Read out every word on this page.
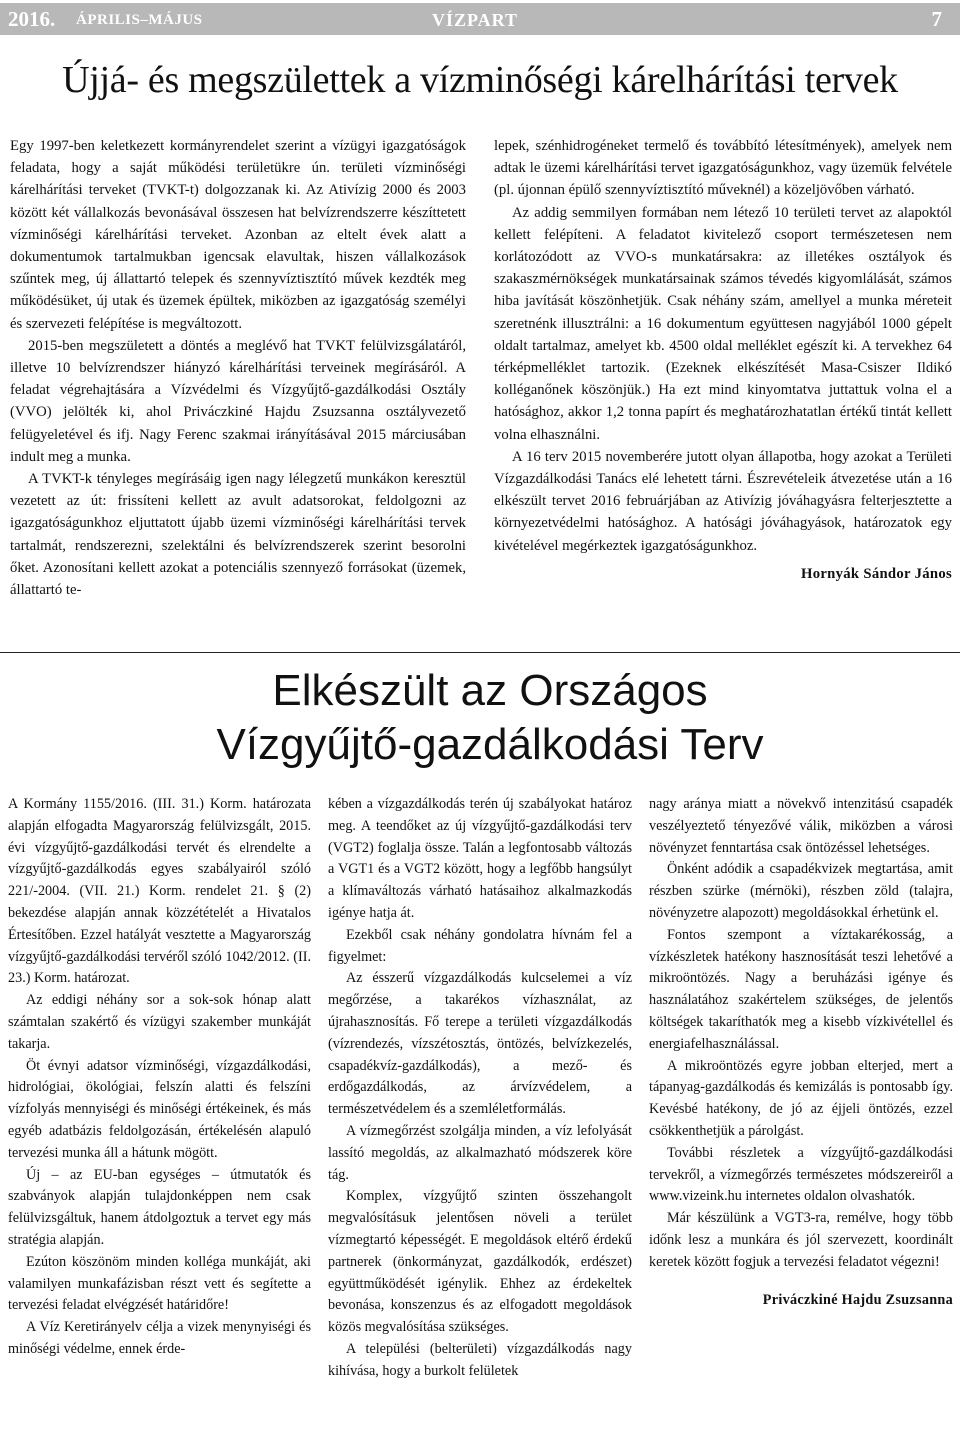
2016. ÁPRILIS–MÁJUS	VÍZPART	7
Újjá- és megszülettek a vízminőségi kárelhárítási tervek

Egy 1997-ben keletkezett kormányrendelet szerint a vízügyi igazgatóságok feladata, hogy a saját működési területükre ún. területi vízminőségi kárelhárítási terveket (TVKT-t) dolgozzanak ki. Az Ativízig 2000 és 2003 között két vállalkozás bevonásával összesen hat belvízrendszerre készíttetett vízminőségi kárelhárítási terveket. Azonban az eltelt évek alatt a dokumentumok tartalmukban igencsak elavultak, hiszen vállalkozások szűntek meg, új állattartó telepek és szennyvíztisztító művek kezdték meg működésüket, új utak és üzemek épültek, miközben az igazgatóság személyi és szervezeti felépítése is megváltozott.

2015-ben megszületett a döntés a meglévő hat TVKT felülvizsgálatáról, illetve 10 belvízrendszer hiányzó kárelhárítási terveinek megírásáról. A feladat végrehajtására a Vízvédelmi és Vízgyűjtő-gazdálkodási Osztály (VVO) jelölték ki, ahol Priváczkiné Hajdu Zsuzsanna osztályvezető felügyeletével és ifj. Nagy Ferenc szakmai irányításával 2015 márciusában indult meg a munka.

A TVKT-k tényleges megírásáig igen nagy lélegzetű munkákon keresztül vezetett az út: frissíteni kellett az avult adatsorokat, feldolgozni az igazgatóságunkhoz eljuttatott újabb üzemi vízminőségi kárelhárítási tervek tartalmát, rendszerezni, szelektálni és belvízrendszerek szerint besorolni őket. Azonosítani kellett azokat a potenciális szennyező forrásokat (üzemek, állattartó te-

lepek, szénhidrogéneket termelő és továbbító létesítmények), amelyek nem adtak le üzemi kárelhárítási tervet igazgatóságunkhoz, vagy üzemük felvétele (pl. újonnan épülő szennyvíztisztító műveknél) a közeljövőben várható.

Az addig semmilyen formában nem létező 10 területi tervet az alapoktól kellett felépíteni. A feladatot kivitelező csoport természetesen nem korlátozódott az VVO-s munkatársakra: az illetékes osztályok és szakaszmérnökségek munkatársainak számos tévedés kigyomlálását, számos hiba javítását köszönhetjük. Csak néhány szám, amellyel a munka méreteit szeretnénk illusztrálni: a 16 dokumentum együttesen nagyjából 1000 gépelt oldalt tartalmaz, amelyet kb. 4500 oldal melléklet egészít ki. A tervekhez 64 térképmelléklet tartozik. (Ezeknek elkészítését Masa-Csiszer Ildikó kolléganőnek köszönjük.) Ha ezt mind kinyomtatva juttattuk volna el a hatósághoz, akkor 1,2 tonna papírt és meghatározhatatlan értékű tintát kellett volna elhasználni.

A 16 terv 2015 novemberére jutott olyan állapotba, hogy azokat a Területi Vízgazdálkodási Tanács elé lehetett tárni. Észrevételeik átvezetése után a 16 elkészült tervet 2016 februárjában az Ativízig jóváhagyásra felterjesztette a környezetvédelmi hatósághoz. A hatósági jóváhagyások, határozatok egy kivételével megérkeztek igazgatóságunkhoz.

Hornyák Sándor János

Elkészült az Országos
Vízgyűjtő-gazdálkodási Terv

A Kormány 1155/2016. (III. 31.) Korm. határozata alapján elfogadta Magyarország felülvizsgált, 2015. évi vízgyűjtő-gazdálkodási tervét és elrendelte a vízgyűjtő-gazdálkodás egyes szabályairól szóló 221/-2004. (VII. 21.) Korm. rendelet 21. § (2) bekezdése alapján annak közzétételét a Hivatalos Értesítőben. Ezzel hatályát vesztette a Magyarország vízgyűjtő-gazdálkodási tervéről szóló 1042/2012. (II. 23.) Korm. határozat.

Az eddigi néhány sor a sok-sok hónap alatt számtalan szakértő és vízügyi szakember munkáját takarja.

Öt évnyi adatsor vízminőségi, vízgazdálkodási, hidrológiai, ökológiai, felszín alatti és felszíni vízfolyás mennyiségi és minőségi értékeinek, és más egyéb adatbázis feldolgozásán, értékelésén alapuló tervezési munka áll a hátunk mögött.

Új – az EU-ban egységes – útmutatók és szabványok alapján tulajdonképpen nem csak felülvizsgáltuk, hanem átdolgoztuk a tervet egy más stratégia alapján.

Ezúton köszönöm minden kolléga munkáját, aki valamilyen munkafázisban részt vett és segítette a tervezési feladat elvégzését határidőre!

A Víz Keretirányelv célja a vizek menynyiségi és minőségi védelme, ennek érde-

kében a vízgazdálkodás terén új szabályokat határoz meg. A teendőket az új vízgyűjtő-gazdálkodási terv (VGT2) foglalja össze. Talán a legfontosabb változás a VGT1 és a VGT2 között, hogy a legfőbb hangsúlyt a klímaváltozás várható hatásaihoz alkalmazkodás igénye hatja át.

Ezekből csak néhány gondolatra hívnám fel a figyelmet:

Az ésszerű vízgazdálkodás kulcselemei a víz megőrzése, a takarékos vízhasználat, az újrahasznosítás. Fő terepe a területi vízgazdálkodás (vízrendezés, vízszétosztás, öntözés, belvízkezelés, csapadékvíz-gazdálkodás), a mező- és erdőgazdálkodás, az árvízvédelem, a természetvédelem és a szemléletformálás.

A vízmegőrzést szolgálja minden, a víz lefolyását lassító megoldás, az alkalmazható módszerek köre tág.

Komplex, vízgyűjtő szinten összehangolt megvalósításuk jelentősen növeli a terület vízmegtartó képességét. E megoldások eltérő érdekű partnerek (önkormányzat, gazdálkodók, erdészet) együttműködését igénylik. Ehhez az érdekeltek bevonása, konszenzus és az elfogadott megoldások közös megvalósítása szükséges.

A települési (belterületi) vízgazdálkodás nagy kihívása, hogy a burkolt felületek

nagy aránya miatt a növekvő intenzitású csapadék veszélyeztető tényezővé válik, miközben a városi növényzet fenntartása csak öntözéssel lehetséges.

Önként adódik a csapadékvizek megtartása, amit részben szürke (mérnöki), részben zöld (talajra, növényzetre alapozott) megoldásokkal érhetünk el.

Fontos szempont a víztakarékosság, a vízkészletek hatékony hasznosítását teszi lehetővé a mikroöntözés. Nagy a beruházási igénye és használatához szakértelem szükséges, de jelentős költségek takaríthatók meg a kisebb vízkivétellel és energiafelhasználással.

A mikroöntözés egyre jobban elterjed, mert a tápanyag-gazdálkodás és kemizálás is pontosabb így. Kevésbé hatékony, de jó az éjjeli öntözés, ezzel csökkenthetjük a párolgást.

További részletek a vízgyűjtő-gazdálkodási tervekről, a vízmegőrzés természetes módszereiről a www.vizeink.hu internetes oldalon olvashatók.

Már készülünk a VGT3-ra, remélve, hogy több időnk lesz a munkára és jól szervezett, koordinált keretek között fogjuk a tervezési feladatot végezni!

Priváczkiné Hajdu Zsuzsanna
